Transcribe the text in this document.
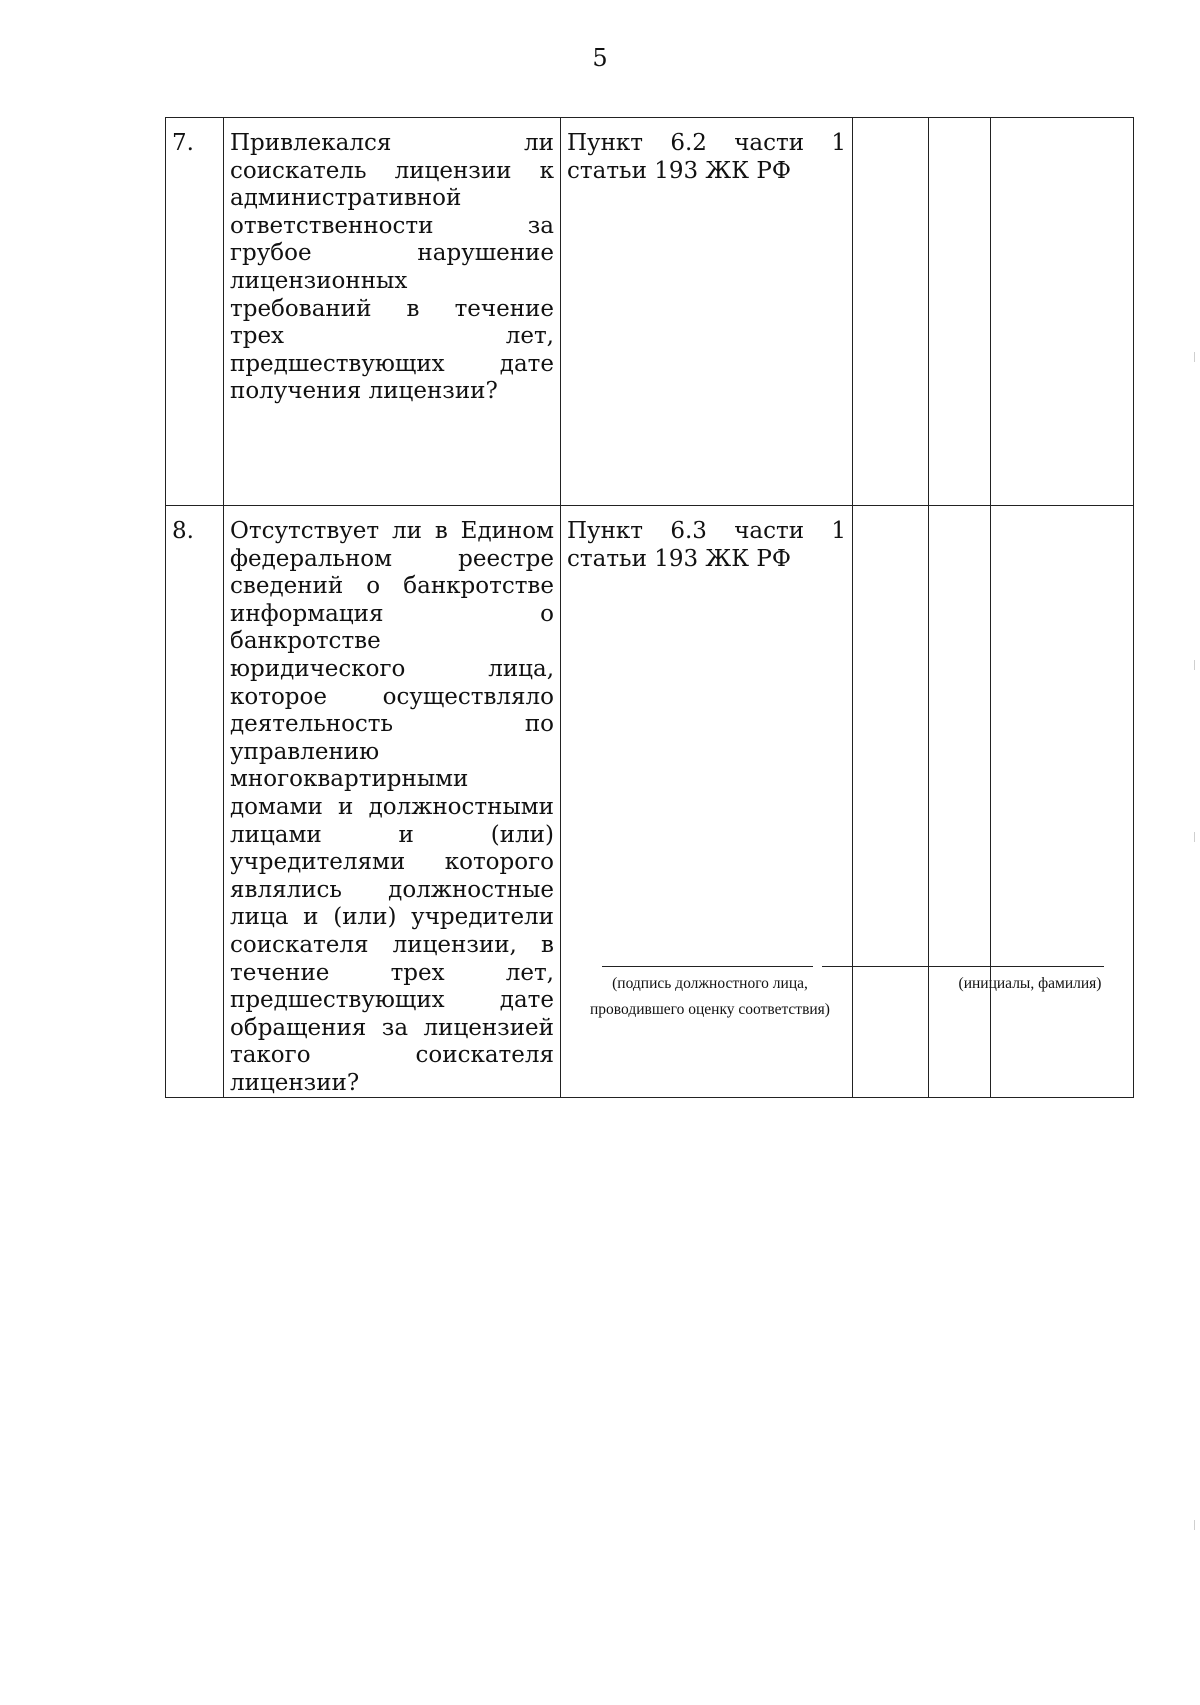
5
7.	Привлекался ли соискатель лицензии к административной ответственности за грубое нарушение лицензионных требований в течение трех лет, предшествующих дате получения лицензии?	Пункт 6.2 части 1 статьи 193 ЖК РФ			
8.	Отсутствует ли в Едином федеральном реестре сведений о банкротстве информация о банкротстве юридического лица, которое осуществляло деятельность по управлению многоквартирными домами и должностными лицами и (или) учредителями которого являлись должностные лица и (или) учредители соискателя лицензии, в течение трех лет, предшествующих дате обращения за лицензией такого соискателя лицензии?	Пункт 6.3 части 1 статьи 193 ЖК РФ			
(подпись должностного лица,
проводившего оценку соответствия)
(инициалы, фамилия)
